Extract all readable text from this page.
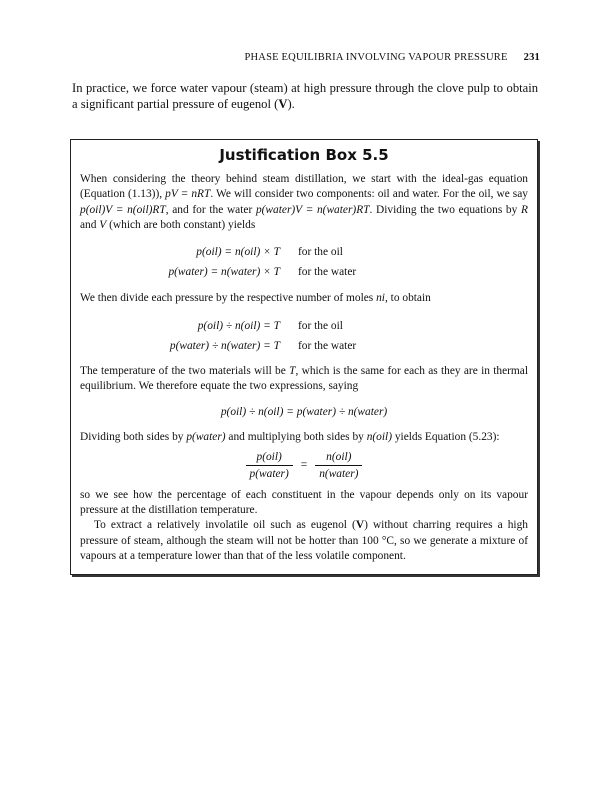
PHASE EQUILIBRIA INVOLVING VAPOUR PRESSURE 231
In practice, we force water vapour (steam) at high pressure through the clove pulp to obtain a significant partial pressure of eugenol (V).
Justification Box 5.5

When considering the theory behind steam distillation, we start with the ideal-gas equation (Equation (1.13)), pV = nRT. We will consider two components: oil and water. For the oil, we say p(oil)V = n(oil)RT, and for the water p(water)V = n(water)RT. Dividing the two equations by R and V (which are both constant) yields

p(oil) = n(oil) × T	for the oil
p(water) = n(water) × T	for the water

We then divide each pressure by the respective number of moles ni, to obtain

p(oil) ÷ n(oil) = T	for the oil
p(water) ÷ n(water) = T	for the water

The temperature of the two materials will be T, which is the same for each as they are in thermal equilibrium. We therefore equate the two expressions, saying

p(oil) ÷ n(oil) = p(water) ÷ n(water)

Dividing both sides by p(water) and multiplying both sides by n(oil) yields Equation (5.23):

$\frac{\text{p(oil)}}{\text{p(water)}} = \frac{\text{n(oil)}}{\text{n(water)}}$

so we see how the percentage of each constituent in the vapour depends only on its vapour pressure at the distillation temperature.

To extract a relatively involatile oil such as eugenol (V) without charring requires a high pressure of steam, although the steam will not be hotter than 100 °C, so we generate a mixture of vapours at a temperature lower than that of the less volatile component.
